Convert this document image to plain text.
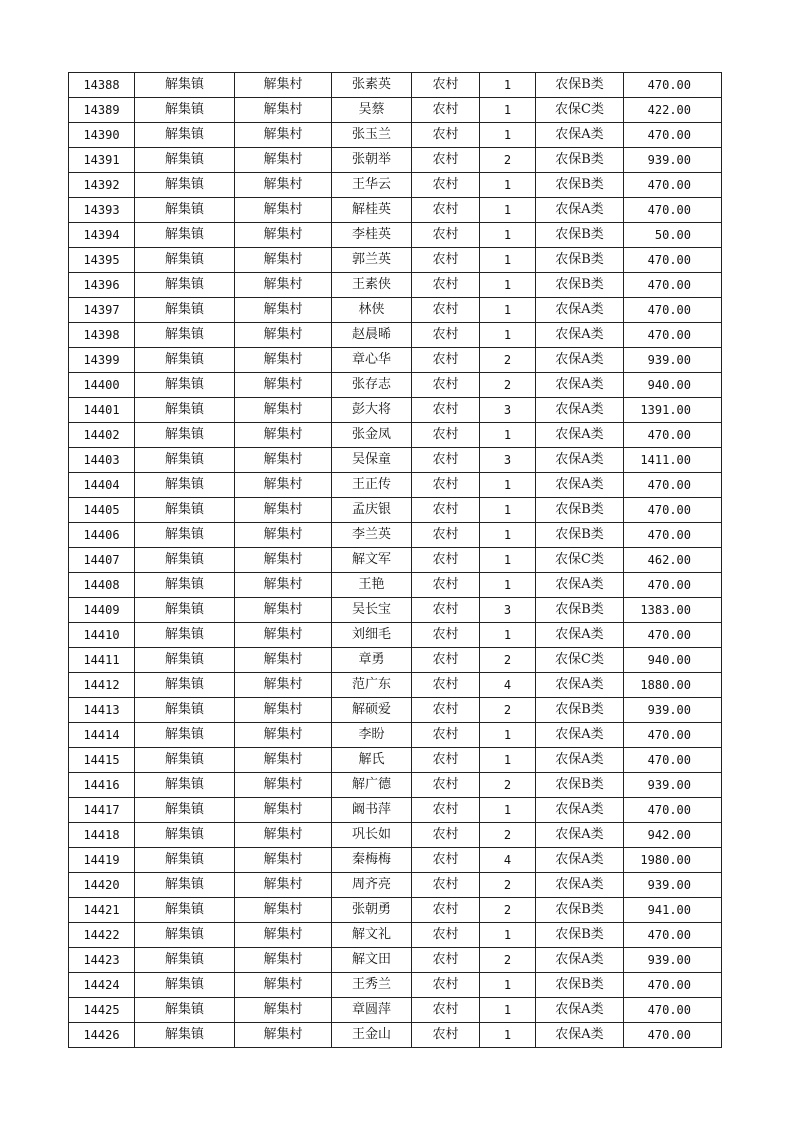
14388	解集镇	解集村	张素英	农村	1	农保B类	470.00
14389	解集镇	解集村	吴蔡	农村	1	农保C类	422.00
14390	解集镇	解集村	张玉兰	农村	1	农保A类	470.00
14391	解集镇	解集村	张朝举	农村	2	农保B类	939.00
14392	解集镇	解集村	王华云	农村	1	农保B类	470.00
14393	解集镇	解集村	解桂英	农村	1	农保A类	470.00
14394	解集镇	解集村	李桂英	农村	1	农保B类	50.00
14395	解集镇	解集村	郭兰英	农村	1	农保B类	470.00
14396	解集镇	解集村	王素侠	农村	1	农保B类	470.00
14397	解集镇	解集村	林侠	农村	1	农保A类	470.00
14398	解集镇	解集村	赵晨晞	农村	1	农保A类	470.00
14399	解集镇	解集村	章心华	农村	2	农保A类	939.00
14400	解集镇	解集村	张存志	农村	2	农保A类	940.00
14401	解集镇	解集村	彭大将	农村	3	农保A类	1391.00
14402	解集镇	解集村	张金凤	农村	1	农保A类	470.00
14403	解集镇	解集村	吴保童	农村	3	农保A类	1411.00
14404	解集镇	解集村	王正传	农村	1	农保A类	470.00
14405	解集镇	解集村	孟庆银	农村	1	农保B类	470.00
14406	解集镇	解集村	李兰英	农村	1	农保B类	470.00
14407	解集镇	解集村	解文军	农村	1	农保C类	462.00
14408	解集镇	解集村	王艳	农村	1	农保A类	470.00
14409	解集镇	解集村	吴长宝	农村	3	农保B类	1383.00
14410	解集镇	解集村	刘细毛	农村	1	农保A类	470.00
14411	解集镇	解集村	章勇	农村	2	农保C类	940.00
14412	解集镇	解集村	范广东	农村	4	农保A类	1880.00
14413	解集镇	解集村	解硕爱	农村	2	农保B类	939.00
14414	解集镇	解集村	李盼	农村	1	农保A类	470.00
14415	解集镇	解集村	解氏	农村	1	农保A类	470.00
14416	解集镇	解集村	解广德	农村	2	农保B类	939.00
14417	解集镇	解集村	阚书萍	农村	1	农保A类	470.00
14418	解集镇	解集村	巩长如	农村	2	农保A类	942.00
14419	解集镇	解集村	秦梅梅	农村	4	农保A类	1980.00
14420	解集镇	解集村	周齐亮	农村	2	农保A类	939.00
14421	解集镇	解集村	张朝勇	农村	2	农保B类	941.00
14422	解集镇	解集村	解文礼	农村	1	农保B类	470.00
14423	解集镇	解集村	解文田	农村	2	农保A类	939.00
14424	解集镇	解集村	王秀兰	农村	1	农保B类	470.00
14425	解集镇	解集村	章圆萍	农村	1	农保A类	470.00
14426	解集镇	解集村	王金山	农村	1	农保A类	470.00
